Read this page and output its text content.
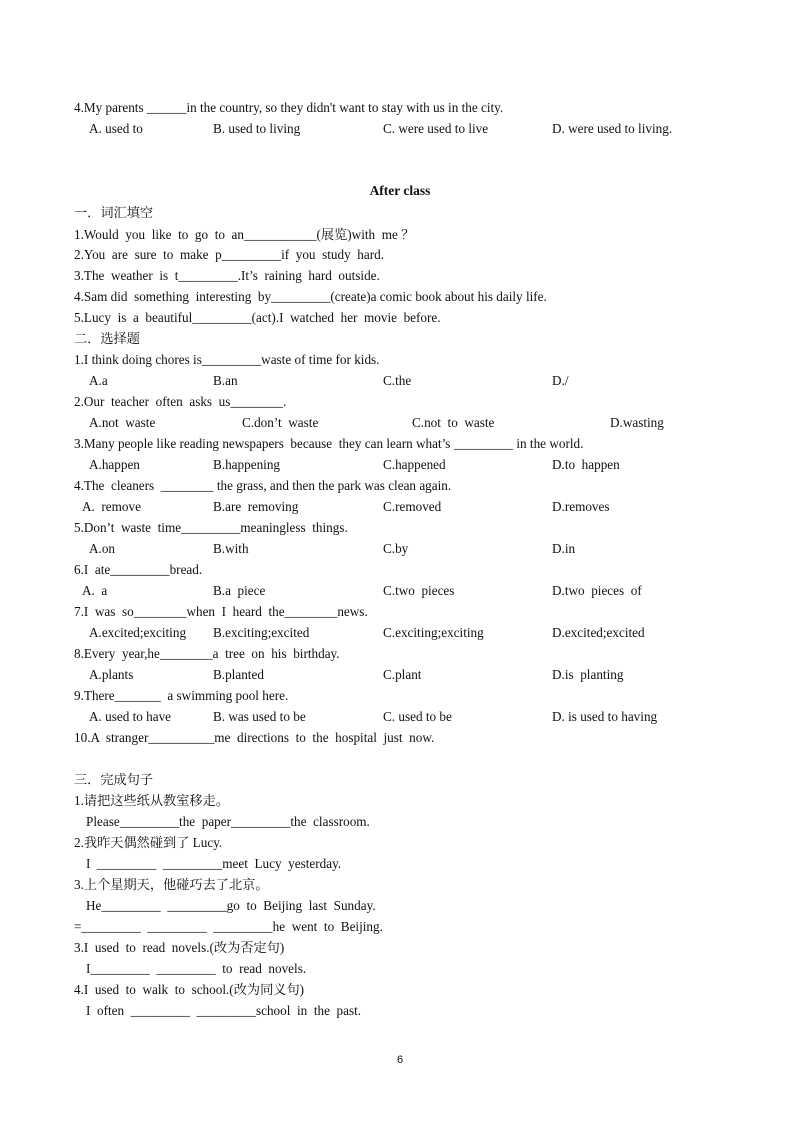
4.My parents ______in the country, so they didn't want to stay with us in the city.
A. used to	B. used to living	C. were used to live	D. were used to living.
After class
一．词汇填空
1.Would  you  like  to  go  to  an___________(展览)with  me ？
2.You  are  sure  to  make  p_________if  you  study  hard.
3.The  weather  is  t_________.It’s  raining  hard  outside.
4.Sam did  something  interesting  by_________(create)a comic book about his daily life.
5.Lucy  is  a  beautiful_________(act).I  watched  her  movie  before.
二．选择题
1.I think doing chores is_________waste of time for kids.
A.a	B.an	C.the	D./
2.Our  teacher  often  asks  us________.
A.not  waste	C.don’t  waste	C.not  to  waste	D.wasting
3.Many people like reading newspapers  because  they can learn what’s _________ in the world.
A.happen	B.happening	C.happened	D.to  happen
4.The  cleaners  ________ the grass, and then the park was clean again.
A.  remove	B.are  removing	C.removed	D.removes
5.Don’t  waste  time_________meaningless  things.
A.on	B.with	C.by	D.in
6.I  ate_________bread.
A.  a	B.a  piece	C.two  pieces	D.two  pieces  of
7.I  was  so________when  I  heard  the________news.
A.excited;exciting B.exciting;excited	C.exciting;exciting	D.excited;excited
8.Every  year,he________a  tree  on  his  birthday.
A.plants	B.planted	C.plant	D.is  planting
9.There_______  a swimming pool here.
A. used to have	B. was used to be	C. used to be	D. is used to having
10.A  stranger__________me  directions  to  the  hospital  just  now.
三．完成句子
1.请把这些纸从教室移走。
Please_________the  paper_________the  classroom.
2.我昨天偶然碰到了 Lucy.
I  _________  _________meet  Lucy  yesterday.
3.上个星期天，他碰巧去了北京。
He_________  _________go  to  Beijing  last  Sunday.
=_________  _________  _________he  went  to  Beijing.
3.I  used  to  read  novels.(改为否定句)
I_________  _________  to  read  novels.
4.I  used  to  walk  to  school.(改为同义句)
I  often  _________  _________school  in  the  past.
6
